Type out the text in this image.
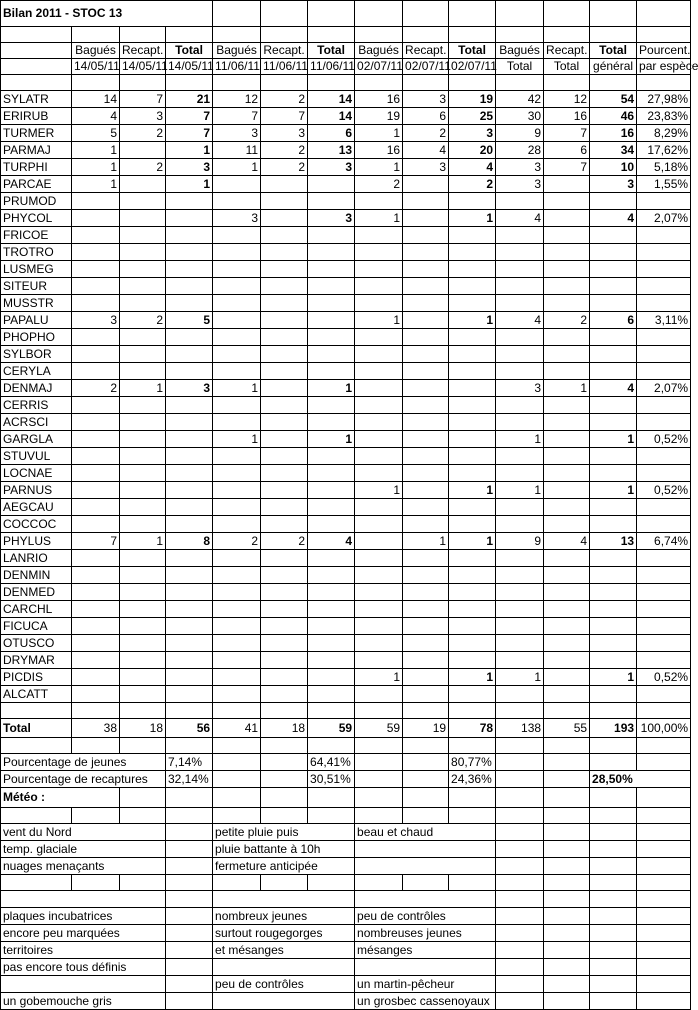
Bilan 2011 - STOC 13														

	Bagués	Recapt.	Total	Bagués	Recapt.	Total	Bagués	Recapt.	Total	Bagués	Recapt.	Total	Pourcent.	
	14/05/11	14/05/11	14/05/11	11/06/11	11/06/11	11/06/11	02/07/11	02/07/11	02/07/11	Total	Total	général	par espèce	

SYLATR	14	7	21	12	2	14	16	3	19	42	12	54	27,98%	
ERIRUB	4	3	7	7	7	14	19	6	25	30	16	46	23,83%	
TURMER	5	2	7	3	3	6	1	2	3	9	7	16	8,29%	
PARMAJ	1		1	11	2	13	16	4	20	28	6	34	17,62%	
TURPHI	1	2	3	1	2	3	1	3	4	3	7	10	5,18%	
PARCAE	1		1				2		2	3		3	1,55%	
PRUMOD														
PHYCOL				3		3	1		1	4		4	2,07%	
FRICOE														
TROTRO														
LUSMEG														
SITEUR														
MUSSTR														
PAPALU	3	2	5				1		1	4	2	6	3,11%	
PHOPHO														
SYLBOR														
CERYLA														
DENMAJ	2	1	3	1		1				3	1	4	2,07%	
CERRIS														
ACRSCI														
GARGLA				1		1				1		1	0,52%	
STUVUL														
LOCNAE														
PARNUS							1		1	1		1	0,52%	
AEGCAU														
COCCOC														
PHYLUS	7	1	8	2	2	4		1	1	9	4	13	6,74%	
LANRIO														
DENMIN														
DENMED														
CARCHL														
FICUCA														
OTUSCO														
DRYMAR														
PICDIS							1		1	1		1	0,52%	
ALCATT														

Total	38	18	56	41	18	59	59	19	78	138	55	193	100,00%	

Pourcentage de jeunes			7,14%			64,41%			80,77%					
Pourcentage de recaptures			32,14%			30,51%			24,36%			28,50%		
Météo :														

vent du Nord				petite pluie puis			beau et chaud							
temp. glaciale				pluie battante à 10h										
nuages menaçants				fermeture anticipée										

plaques incubatrices				nombreux jeunes			peu de contrôles							
encore peu marquées				surtout rougegorges			nombreuses jeunes							
territoires				et mésanges			mésanges							
pas encore tous définis														
				peu de contrôles			un martin-pêcheur							
un gobemouche gris							un grosbec cassenoyaux							
